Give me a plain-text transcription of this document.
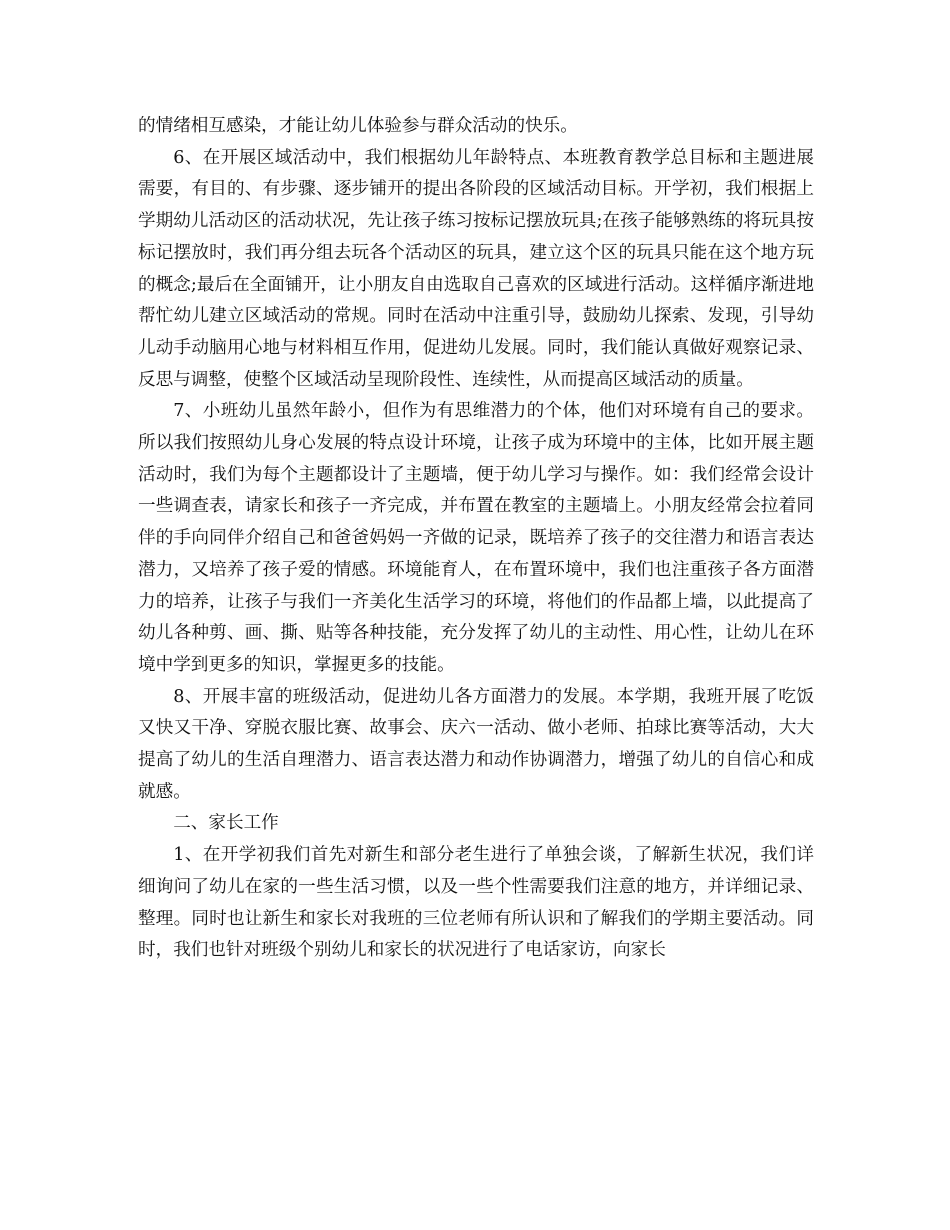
的情绪相互感染，才能让幼儿体验参与群众活动的快乐。

6、在开展区域活动中，我们根据幼儿年龄特点、本班教育教学总目标和主题进展需要，有目的、有步骤、逐步铺开的提出各阶段的区域活动目标。开学初，我们根据上学期幼儿活动区的活动状况，先让孩子练习按标记摆放玩具;在孩子能够熟练的将玩具按标记摆放时，我们再分组去玩各个活动区的玩具，建立这个区的玩具只能在这个地方玩的概念;最后在全面铺开，让小朋友自由选取自己喜欢的区域进行活动。这样循序渐进地帮忙幼儿建立区域活动的常规。同时在活动中注重引导，鼓励幼儿探索、发现，引导幼儿动手动脑用心地与材料相互作用，促进幼儿发展。同时，我们能认真做好观察记录、反思与调整，使整个区域活动呈现阶段性、连续性，从而提高区域活动的质量。

7、小班幼儿虽然年龄小，但作为有思维潜力的个体，他们对环境有自己的要求。所以我们按照幼儿身心发展的特点设计环境，让孩子成为环境中的主体，比如开展主题活动时，我们为每个主题都设计了主题墙，便于幼儿学习与操作。如：我们经常会设计一些调查表，请家长和孩子一齐完成，并布置在教室的主题墙上。小朋友经常会拉着同伴的手向同伴介绍自己和爸爸妈妈一齐做的记录，既培养了孩子的交往潜力和语言表达潜力，又培养了孩子爱的情感。环境能育人，在布置环境中，我们也注重孩子各方面潜力的培养，让孩子与我们一齐美化生活学习的环境，将他们的作品都上墙，以此提高了幼儿各种剪、画、撕、贴等各种技能，充分发挥了幼儿的主动性、用心性，让幼儿在环境中学到更多的知识，掌握更多的技能。

8、开展丰富的班级活动，促进幼儿各方面潜力的发展。本学期，我班开展了吃饭又快又干净、穿脱衣服比赛、故事会、庆六一活动、做小老师、拍球比赛等活动，大大提高了幼儿的生活自理潜力、语言表达潜力和动作协调潜力，增强了幼儿的自信心和成就感。

二、家长工作

1、在开学初我们首先对新生和部分老生进行了单独会谈，了解新生状况，我们详细询问了幼儿在家的一些生活习惯，以及一些个性需要我们注意的地方，并详细记录、整理。同时也让新生和家长对我班的三位老师有所认识和了解我们的学期主要活动。同时，我们也针对班级个别幼儿和家长的状况进行了电话家访，向家长
